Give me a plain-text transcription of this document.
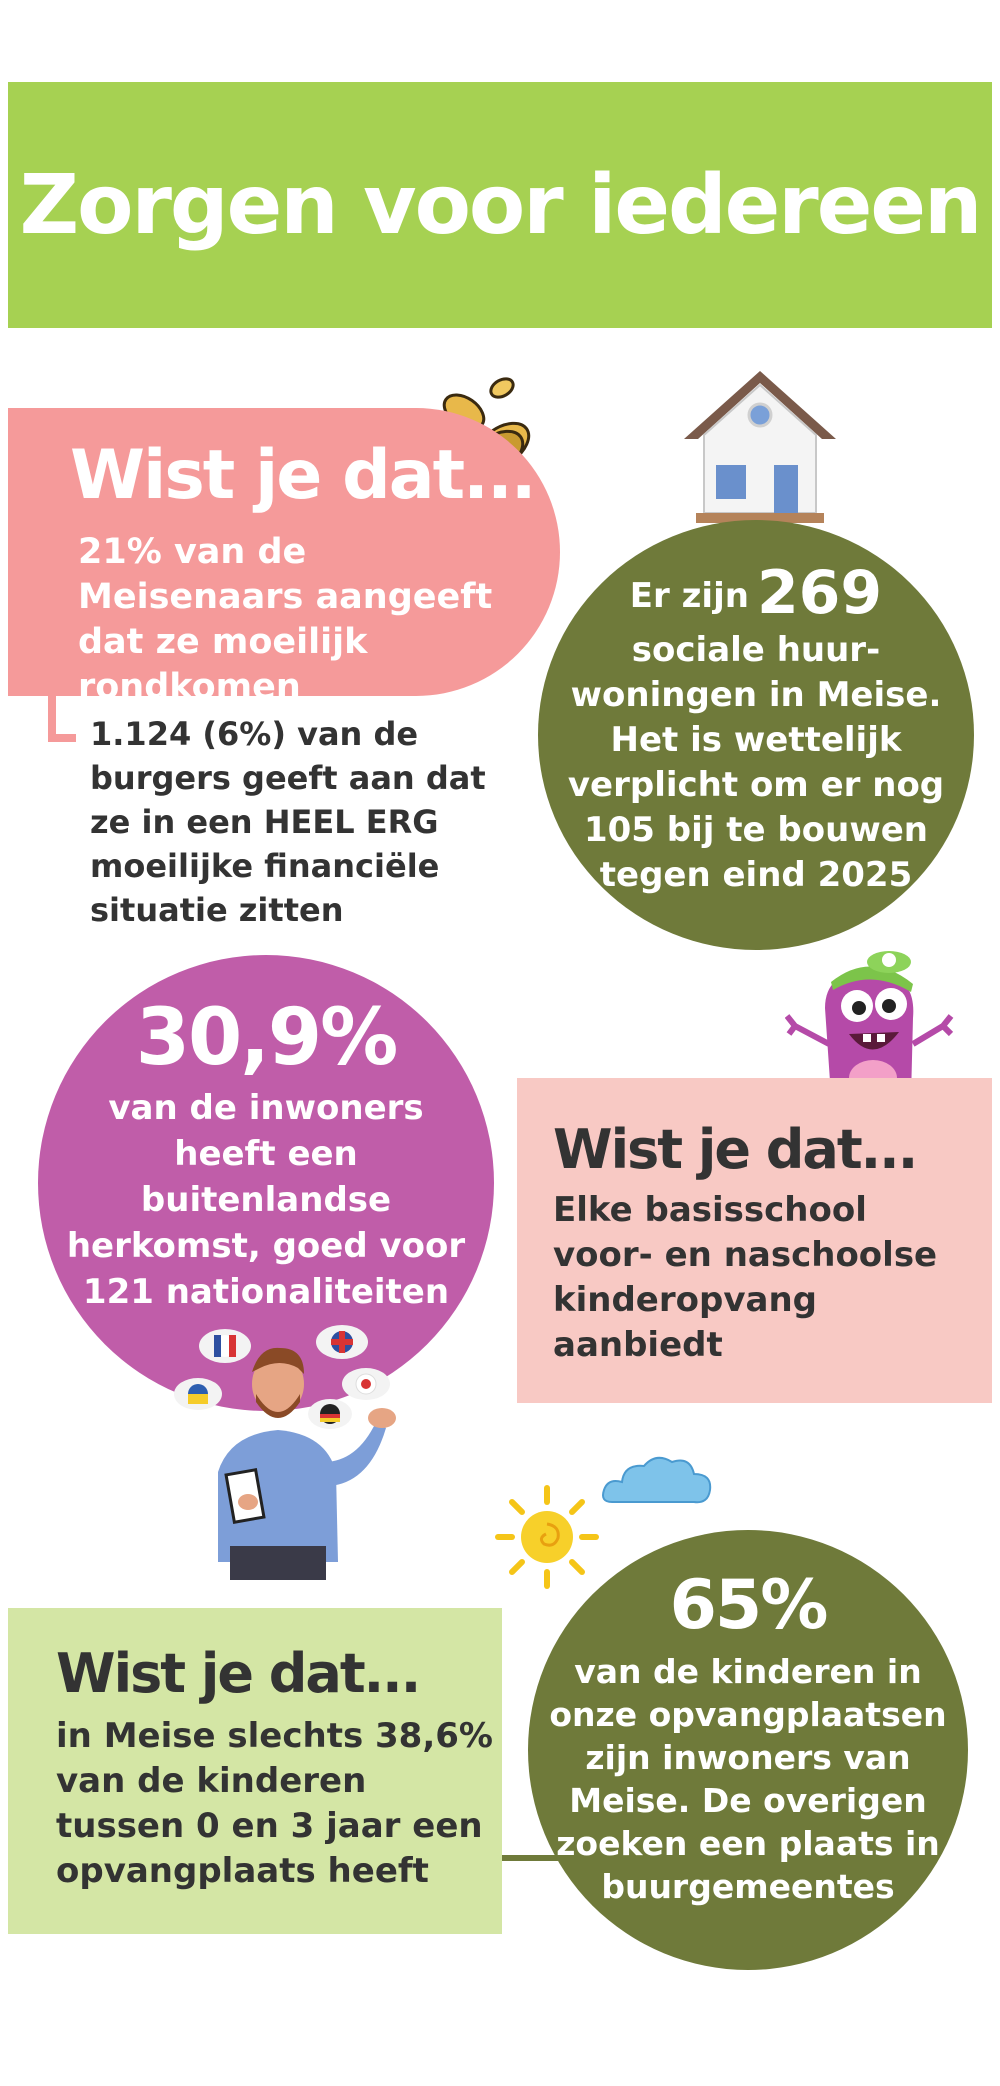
Zorgen voor iedereen
Wist je dat...
21% van de Meisenaars aangeeft dat ze moeilijk rondkomen
1.124 (6%) van de burgers geeft aan dat ze in een HEEL ERG moeilijke financiële situatie zitten
Er zijn 269
sociale huur-woningen in Meise. Het is wettelijk verplicht om er nog 105 bij te bouwen tegen eind 2025
30,9%
van de inwoners heeft een buitenlandse herkomst, goed voor 121 nationaliteiten
Wist je dat...
Elke basisschool voor- en naschoolse kinderopvang aanbiedt
Wist je dat...
in Meise slechts 38,6% van de kinderen tussen 0 en 3 jaar een opvangplaats heeft
65%
van de kinderen in onze opvangplaatsen zijn inwoners van Meise. De overigen zoeken een plaats in buurgemeentes
